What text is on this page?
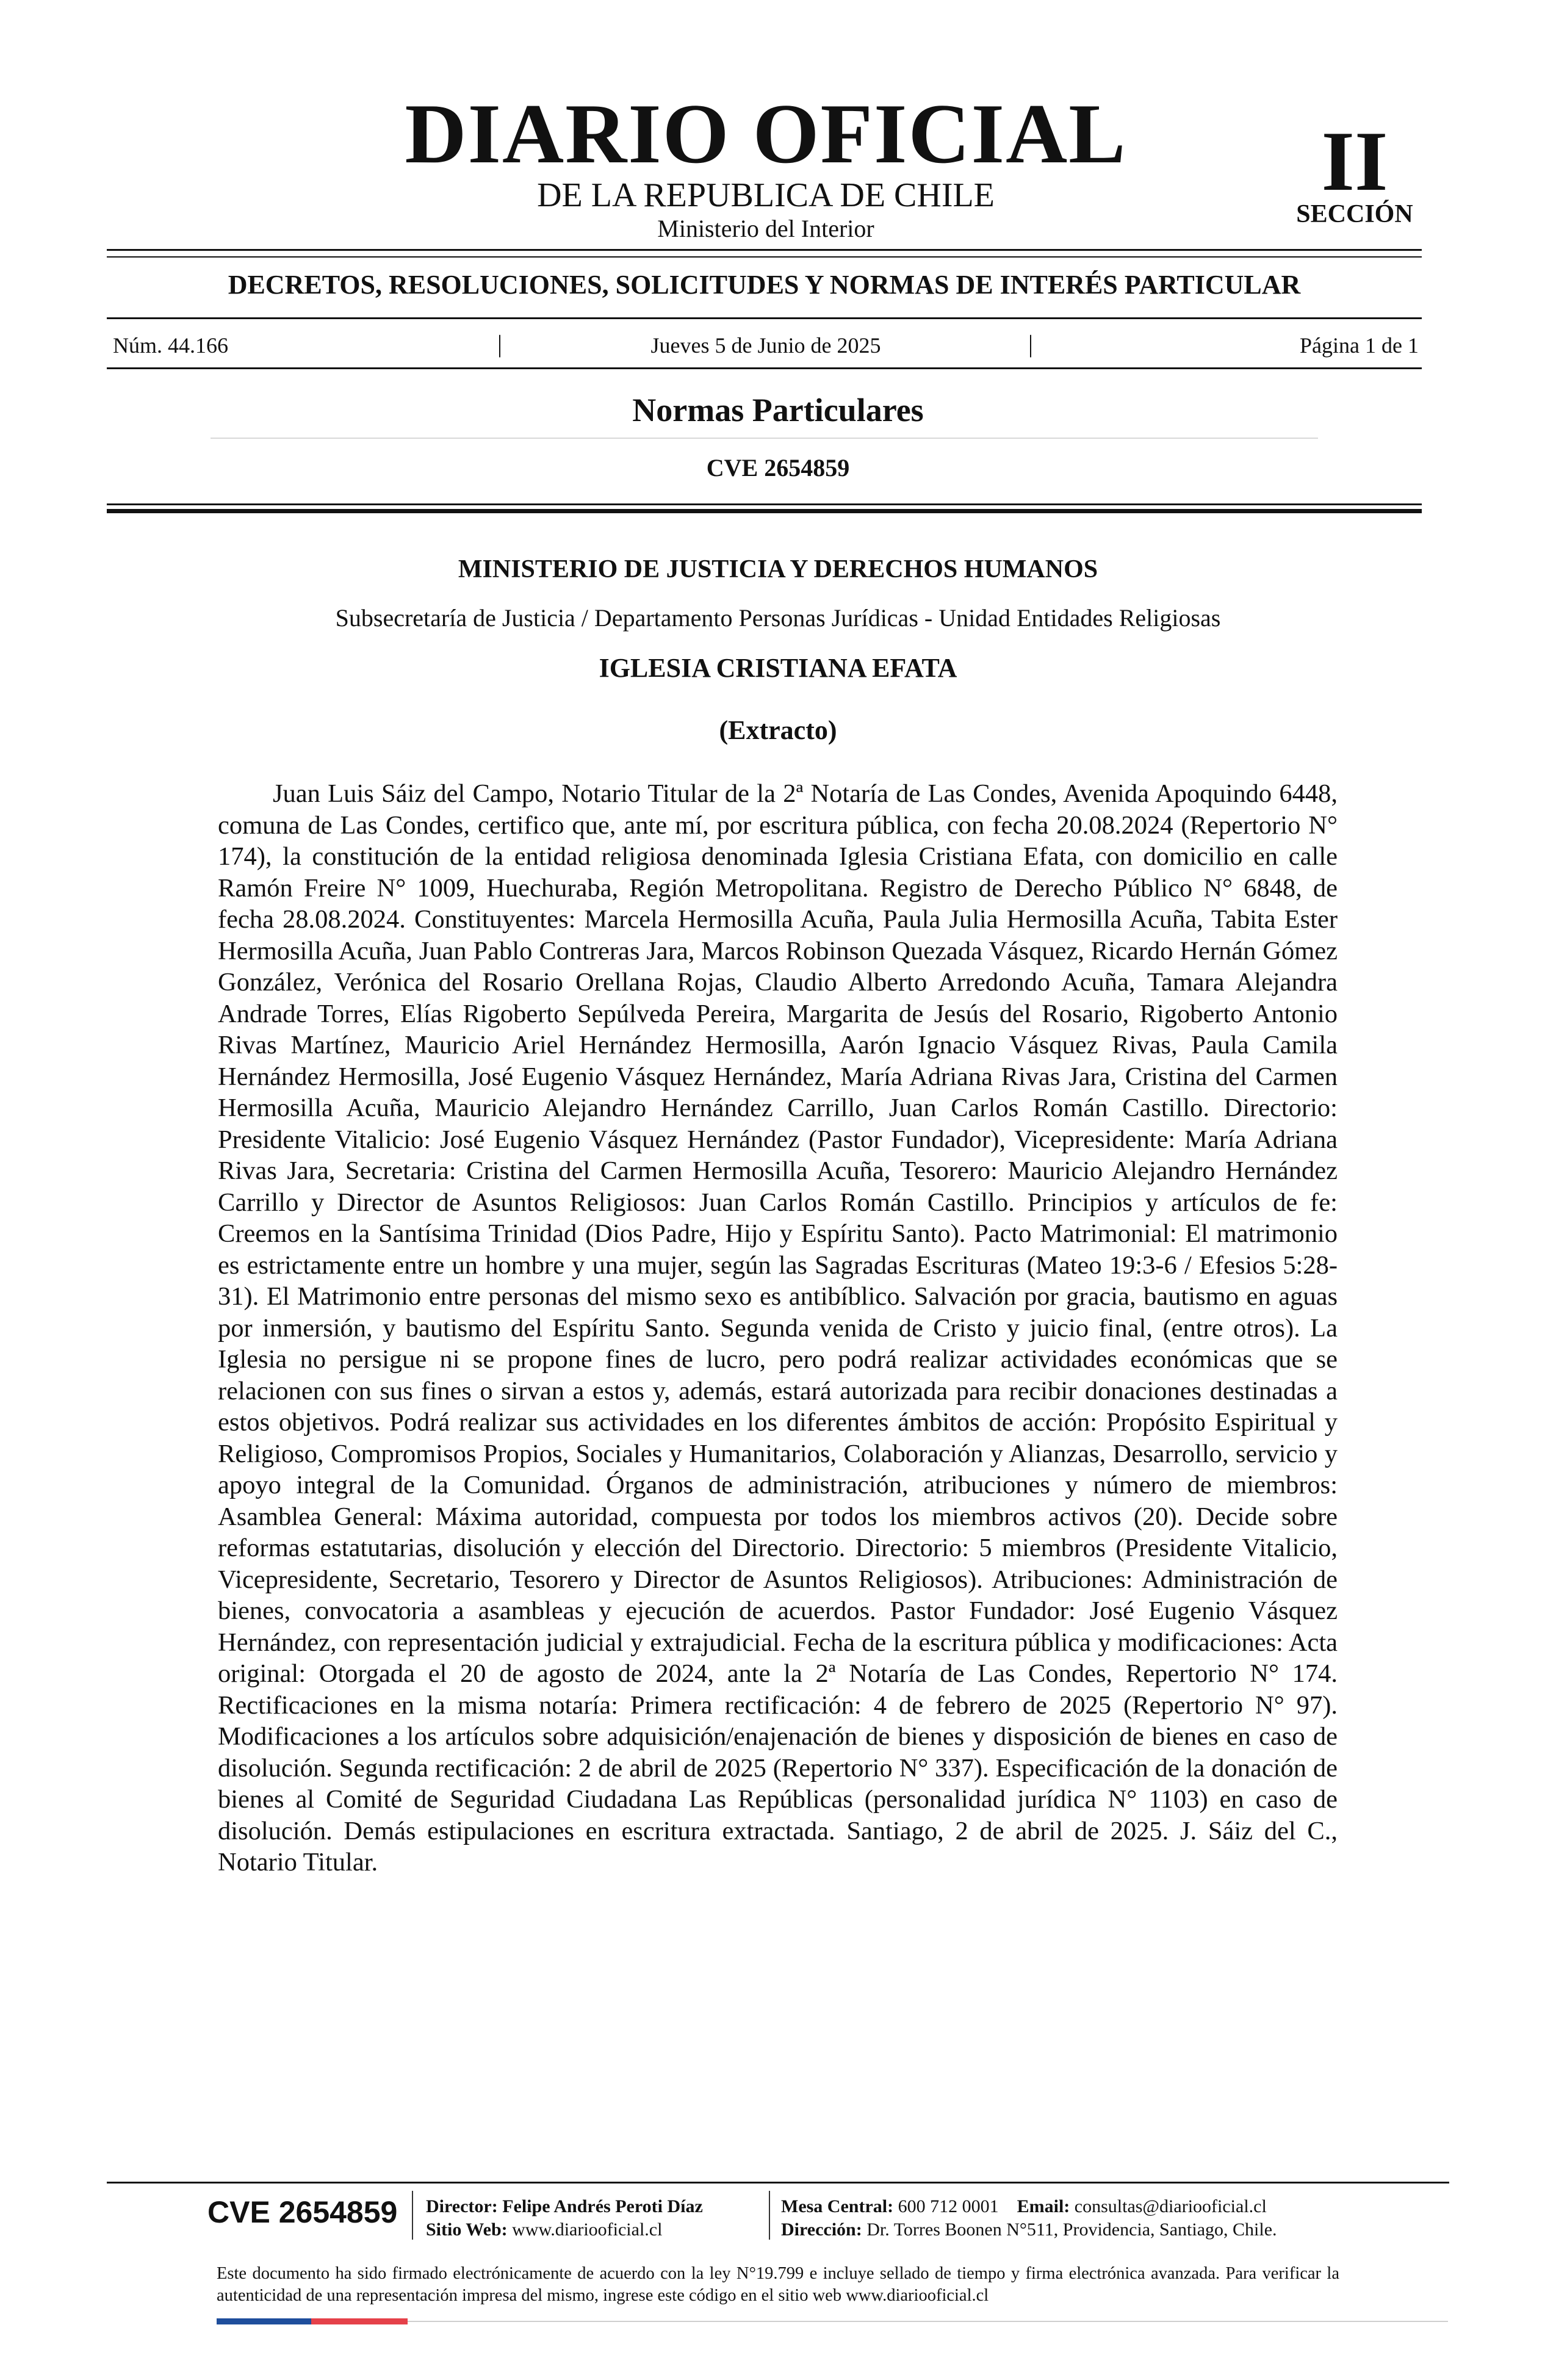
DIARIO OFICIAL
DE LA REPUBLICA DE CHILE
Ministerio del Interior
II
SECCIÓN
DECRETOS, RESOLUCIONES, SOLICITUDES Y NORMAS DE INTERÉS PARTICULAR
Núm. 44.166	|	Jueves 5 de Junio de 2025	|	Página 1 de 1
Normas Particulares
CVE 2654859
MINISTERIO DE JUSTICIA Y DERECHOS HUMANOS
Subsecretaría de Justicia / Departamento Personas Jurídicas - Unidad Entidades Religiosas
IGLESIA CRISTIANA EFATA
(Extracto)

Juan Luis Sáiz del Campo, Notario Titular de la 2ª Notaría de Las Condes, Avenida Apoquindo 6448, comuna de Las Condes, certifico que, ante mí, por escritura pública, con fecha 20.08.2024 (Repertorio N° 174), la constitución de la entidad religiosa denominada Iglesia Cristiana Efata, con domicilio en calle Ramón Freire N° 1009, Huechuraba, Región Metropolitana. Registro de Derecho Público N° 6848, de fecha 28.08.2024. Constituyentes: Marcela Hermosilla Acuña, Paula Julia Hermosilla Acuña, Tabita Ester Hermosilla Acuña, Juan Pablo Contreras Jara, Marcos Robinson Quezada Vásquez, Ricardo Hernán Gómez González, Verónica del Rosario Orellana Rojas, Claudio Alberto Arredondo Acuña, Tamara Alejandra Andrade Torres, Elías Rigoberto Sepúlveda Pereira, Margarita de Jesús del Rosario, Rigoberto Antonio Rivas Martínez, Mauricio Ariel Hernández Hermosilla, Aarón Ignacio Vásquez Rivas, Paula Camila Hernández Hermosilla, José Eugenio Vásquez Hernández, María Adriana Rivas Jara, Cristina del Carmen Hermosilla Acuña, Mauricio Alejandro Hernández Carrillo, Juan Carlos Román Castillo. Directorio: Presidente Vitalicio: José Eugenio Vásquez Hernández (Pastor Fundador), Vicepresidente: María Adriana Rivas Jara, Secretaria: Cristina del Carmen Hermosilla Acuña, Tesorero: Mauricio Alejandro Hernández Carrillo y Director de Asuntos Religiosos: Juan Carlos Román Castillo. Principios y artículos de fe: Creemos en la Santísima Trinidad (Dios Padre, Hijo y Espíritu Santo). Pacto Matrimonial: El matrimonio es estrictamente entre un hombre y una mujer, según las Sagradas Escrituras (Mateo 19:3-6 / Efesios 5:28-31). El Matrimonio entre personas del mismo sexo es antibíblico. Salvación por gracia, bautismo en aguas por inmersión, y bautismo del Espíritu Santo. Segunda venida de Cristo y juicio final, (entre otros). La Iglesia no persigue ni se propone fines de lucro, pero podrá realizar actividades económicas que se relacionen con sus fines o sirvan a estos y, además, estará autorizada para recibir donaciones destinadas a estos objetivos. Podrá realizar sus actividades en los diferentes ámbitos de acción: Propósito Espiritual y Religioso, Compromisos Propios, Sociales y Humanitarios, Colaboración y Alianzas, Desarrollo, servicio y apoyo integral de la Comunidad. Órganos de administración, atribuciones y número de miembros: Asamblea General: Máxima autoridad, compuesta por todos los miembros activos (20). Decide sobre reformas estatutarias, disolución y elección del Directorio. Directorio: 5 miembros (Presidente Vitalicio, Vicepresidente, Secretario, Tesorero y Director de Asuntos Religiosos). Atribuciones: Administración de bienes, convocatoria a asambleas y ejecución de acuerdos. Pastor Fundador: José Eugenio Vásquez Hernández, con representación judicial y extrajudicial. Fecha de la escritura pública y modificaciones: Acta original: Otorgada el 20 de agosto de 2024, ante la 2ª Notaría de Las Condes, Repertorio N° 174. Rectificaciones en la misma notaría: Primera rectificación: 4 de febrero de 2025 (Repertorio N° 97). Modificaciones a los artículos sobre adquisición/enajenación de bienes y disposición de bienes en caso de disolución. Segunda rectificación: 2 de abril de 2025 (Repertorio N° 337). Especificación de la donación de bienes al Comité de Seguridad Ciudadana Las Repúblicas (personalidad jurídica N° 1103) en caso de disolución. Demás estipulaciones en escritura extractada. Santiago, 2 de abril de 2025. J. Sáiz del C., Notario Titular.

CVE 2654859 Director: Felipe Andrés Peroti Díaz
Sitio Web: www.diariooficial.cl
Mesa Central: 600 712 0001 Email: consultas@diariooficial.cl
Dirección: Dr. Torres Boonen N°511, Providencia, Santiago, Chile.
Este documento ha sido firmado electrónicamente de acuerdo con la ley N°19.799 e incluye sellado de tiempo y firma electrónica avanzada. Para verificar la autenticidad de una representación impresa del mismo, ingrese este código en el sitio web www.diariooficial.cl
